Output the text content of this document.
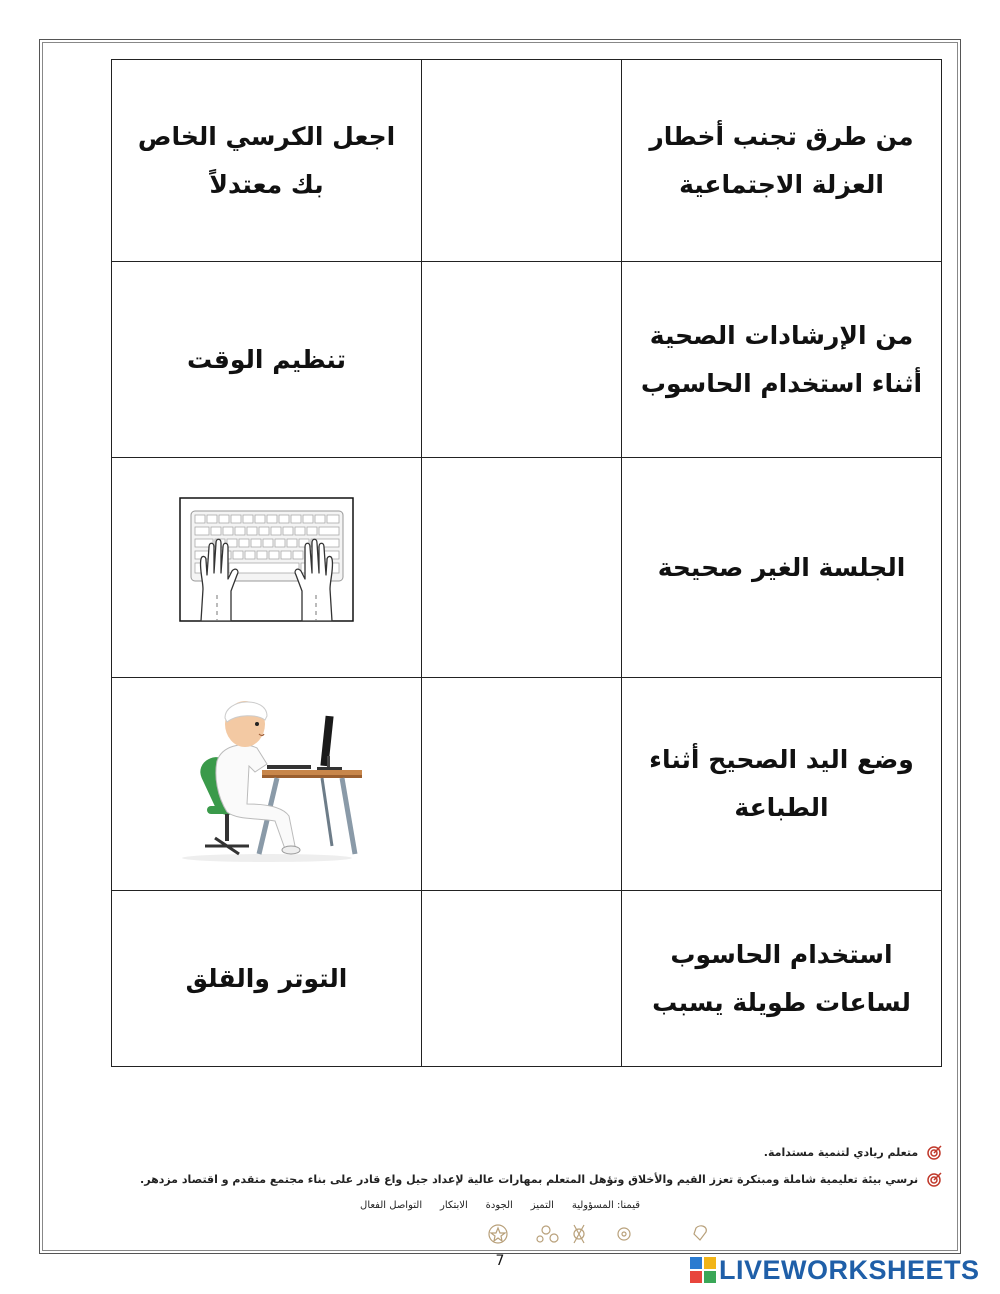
اجعل الكرسي الخاص بك معتدلاً		من طرق تجنب أخطار العزلة الاجتماعية
تنظيم الوقت		من الإرشادات الصحية أثناء استخدام الحاسوب
		الجلسة الغير صحيحة
		وضع اليد الصحيح أثناء الطباعة
التوتر والقلق		استخدام الحاسوب لساعات طويلة يسبب
متعلم ريادي لتنمية مستدامة.
نرسي بيئة تعليمية شاملة ومبتكرة تعزز القيم والأخلاق وتؤهل المتعلم بمهارات عالية لإعداد جيل واع قادر على بناء مجتمع متقدم و اقتصاد مزدهر.
قيمنا: المسؤولية
التميز
الجودة
الابتكار
التواصل الفعال
7	LIVEWORKSHEETS
